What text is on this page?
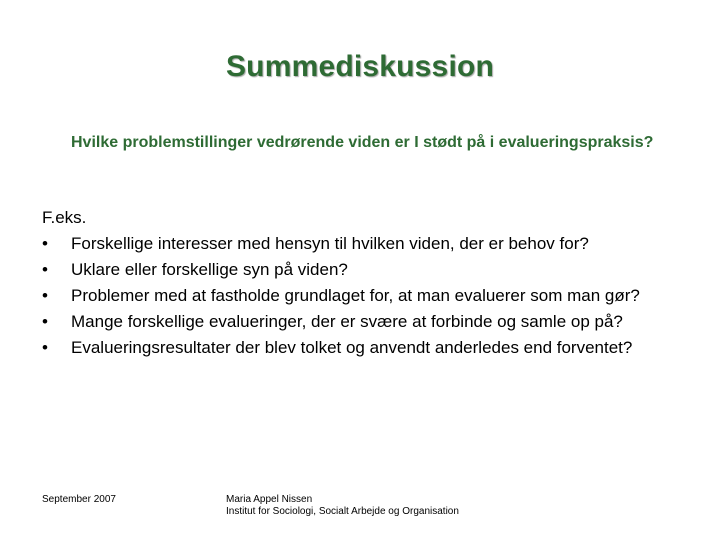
Summediskussion
Hvilke problemstillinger vedrørende viden er I stødt på i evalueringspraksis?
F.eks.
•	Forskellige interesser med hensyn til hvilken viden, der er behov for?
•	Uklare eller forskellige syn på viden?
•	Problemer med at fastholde grundlaget for, at man evaluerer som man gør?
•	Mange forskellige evalueringer, der er svære at forbinde og samle op på?
•	Evalueringsresultater der blev tolket og anvendt anderledes end forventet?
September 2007	Maria Appel Nissen
Institut for Sociologi, Socialt Arbejde og Organisation
